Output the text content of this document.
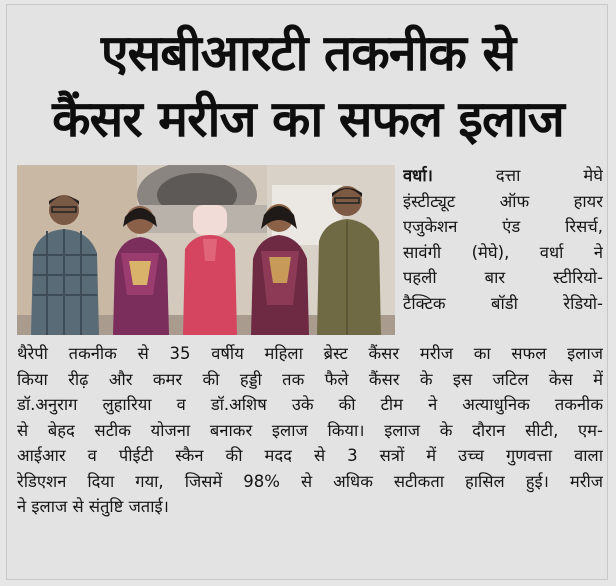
एसबीआरटी तकनीक से
कैंसर मरीज का सफल इलाज
वर्धा।	दत्ता मेघे
इंस्टीट्यूट ऑफ हायर
एजुकेशन एंड रिसर्च,
सावंगी (मेघे), वर्धा ने
पहली बार स्टीरियो-
टैक्टिक बॉडी रेडियो-
थैरेपी तकनीक से 35 वर्षीय महिला ब्रेस्ट कैंसर मरीज का सफल इलाज
किया रीढ़ और कमर की हड्डी तक फैले कैंसर के इस जटिल केस में
डॉ.अनुराग लुहारिया व डॉ.अशिष उके की टीम ने अत्याधुनिक तकनीक
से बेहद सटीक योजना बनाकर इलाज किया। इलाज के दौरान सीटी, एम-
आईआर व पीईटी स्कैन की मदद से 3 सत्रों में उच्च गुणवत्ता वाला
रेडिएशन दिया गया, जिसमें 98% से अधिक सटीकता हासिल हुई। मरीज
ने इलाज से संतुष्टि जताई।
